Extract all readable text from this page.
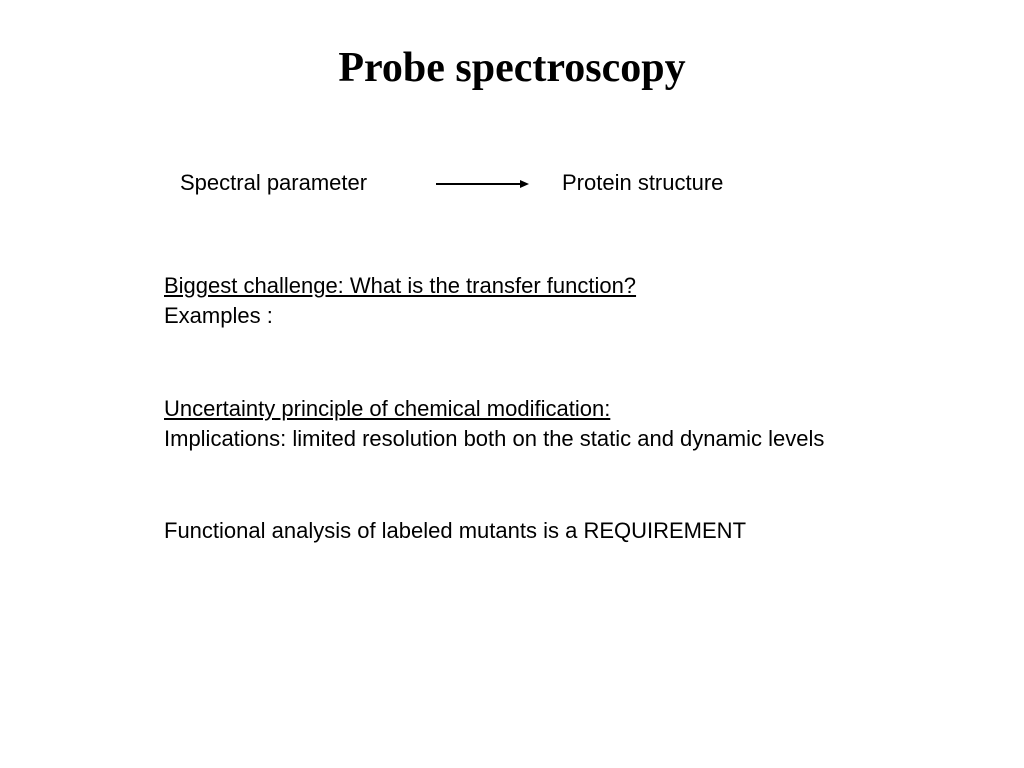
Probe spectroscopy
Spectral parameter	Protein structure
Biggest challenge: What is the transfer function?
Examples :
Uncertainty principle of chemical modification:
Implications: limited resolution both on the static and dynamic levels
Functional analysis of labeled mutants is a REQUIREMENT
